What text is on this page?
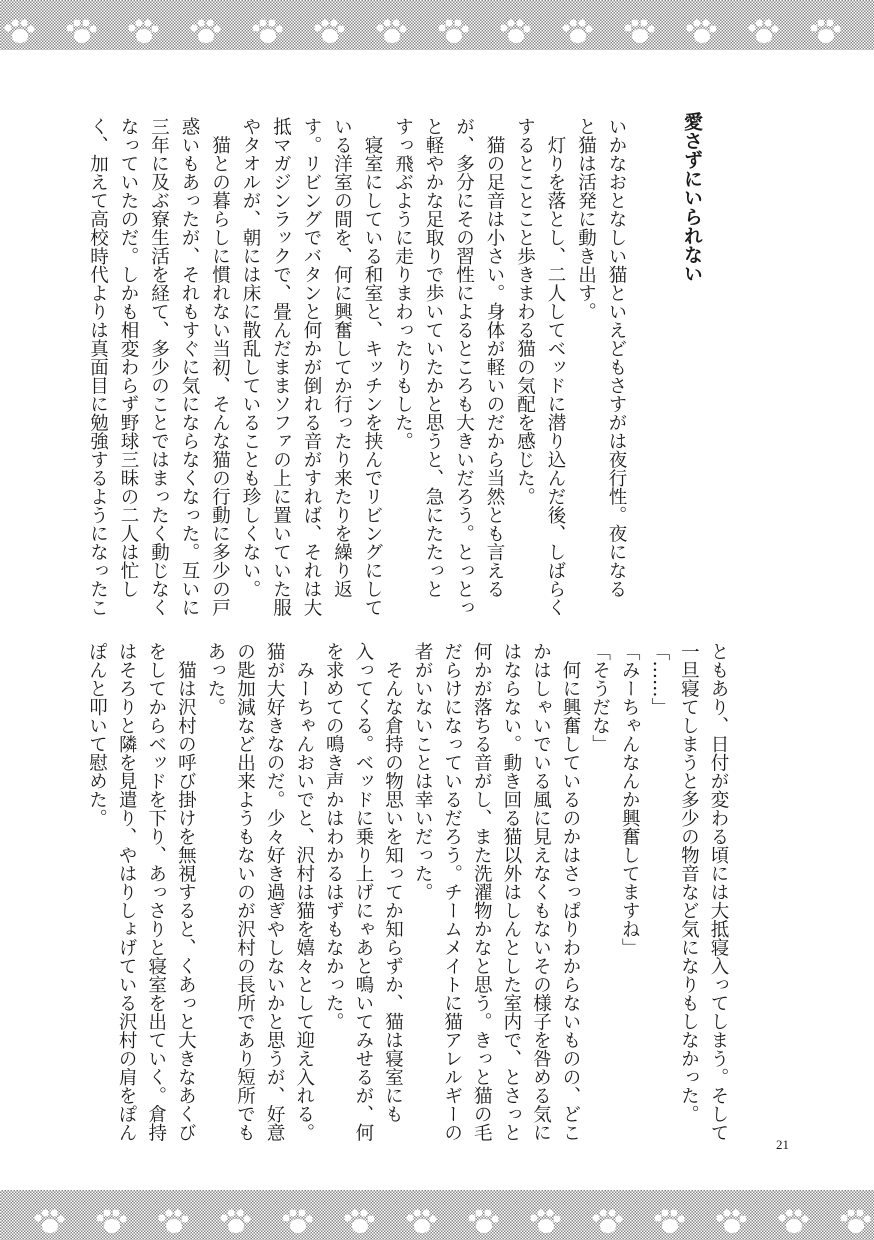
愛さずにいられない
いかなおとなしい猫といえどもさすがは夜行性。夜になる
と猫は活発に動き出す。
　灯りを落とし、二人してベッドに潜り込んだ後、しばらく
するとことこと歩きまわる猫の気配を感じた。
　猫の足音は小さい。身体が軽いのだから当然とも言える
が、多分にその習性によるところも大きいだろう。とっとっ
と軽やかな足取りで歩いていたかと思うと、急にたたっと
すっ飛ぶように走りまわったりもした。
　寝室にしている和室と、キッチンを挟んでリビングにして
いる洋室の間を、何に興奮してか行ったり来たりを繰り返
す。リビングでバタンと何かが倒れる音がすれば、それは大
抵マガジンラックで、畳んだままソファの上に置いていた服
やタオルが、朝には床に散乱していることも珍しくない。
　猫との暮らしに慣れない当初、そんな猫の行動に多少の戸
惑いもあったが、それもすぐに気にならなくなった。互いに
三年に及ぶ寮生活を経て、多少のことではまったく動じなく
なっていたのだ。しかも相変わらず野球三昧の二人は忙し
く、加えて高校時代よりは真面目に勉強するようになったこ
ともあり、日付が変わる頃には大抵寝入ってしまう。そして
一旦寝てしまうと多少の物音など気になりもしなかった。
「……」
「みーちゃんなんか興奮してますね」
「そうだな」
　何に興奮しているのかはさっぱりわからないものの、どこ
かはしゃいでいる風に見えなくもないその様子を咎める気に
はならない。動き回る猫以外はしんとした室内で、とさっと
何かが落ちる音がし、また洗濯物かなと思う。きっと猫の毛
だらけになっているだろう。チームメイトに猫アレルギーの
者がいないことは幸いだった。
　そんな倉持の物思いを知ってか知らずか、猫は寝室にも
入ってくる。ベッドに乗り上げにゃあと鳴いてみせるが、何
を求めての鳴き声かはわかるはずもなかった。
　みーちゃんおいでと、沢村は猫を嬉々として迎え入れる。
猫が大好きなのだ。少々好き過ぎやしないかと思うが、好意
の匙加減など出来ようもないのが沢村の長所であり短所でも
あった。
　猫は沢村の呼び掛けを無視すると、くあっと大きなあくび
をしてからベッドを下り、あっさりと寝室を出ていく。倉持
はそろりと隣を見遣り、やはりしょげている沢村の肩をぽん
ぽんと叩いて慰めた。
21
